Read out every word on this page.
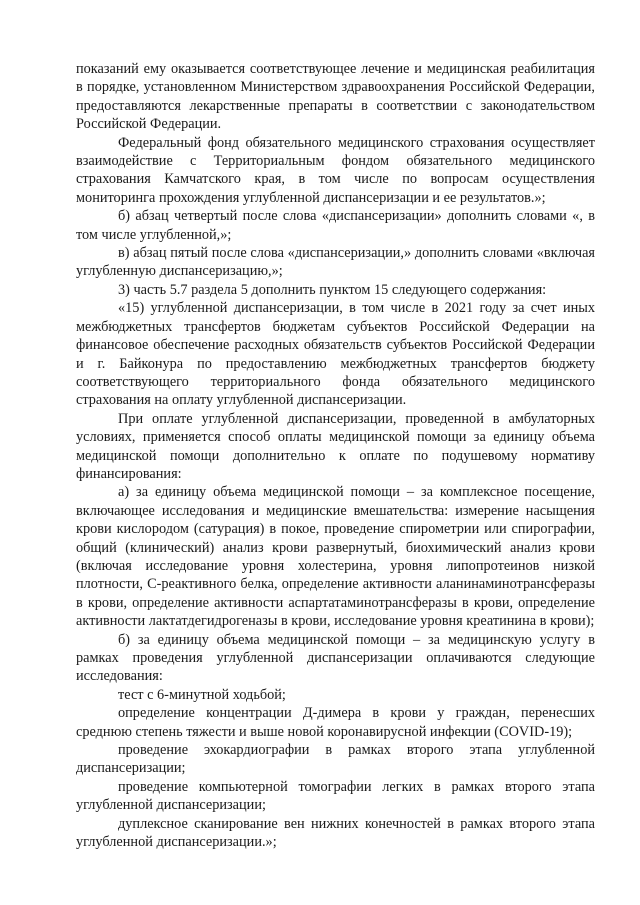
показаний ему оказывается соответствующее лечение и медицинская реабилитация в порядке, установленном Министерством здравоохранения Российской Федерации, предоставляются лекарственные препараты в соответствии с законодательством Российской Федерации.

Федеральный фонд обязательного медицинского страхования осуществляет взаимодействие с Территориальным фондом обязательного медицинского страхования Камчатского края, в том числе по вопросам осуществления мониторинга прохождения углубленной диспансеризации и ее результатов.»;

б) абзац четвертый после слова «диспансеризации» дополнить словами «, в том числе углубленной,»;

в) абзац пятый после слова «диспансеризации,» дополнить словами «включая углубленную диспансеризацию,»;

3) часть 5.7 раздела 5 дополнить пунктом 15 следующего содержания:

«15) углубленной диспансеризации, в том числе в 2021 году за счет иных межбюджетных трансфертов бюджетам субъектов Российской Федерации на финансовое обеспечение расходных обязательств субъектов Российской Федерации и г. Байконура по предоставлению межбюджетных трансфертов бюджету соответствующего территориального фонда обязательного медицинского страхования на оплату углубленной диспансеризации.

При оплате углубленной диспансеризации, проведенной в амбулаторных условиях, применяется способ оплаты медицинской помощи за единицу объема медицинской помощи дополнительно к оплате по подушевому нормативу финансирования:

а) за единицу объема медицинской помощи – за комплексное посещение, включающее исследования и медицинские вмешательства: измерение насыщения крови кислородом (сатурация) в покое, проведение спирометрии или спирографии, общий (клинический) анализ крови развернутый, биохимический анализ крови (включая исследование уровня холестерина, уровня липопротеинов низкой плотности, С-реактивного белка, определение активности аланинаминотрансферазы в крови, определение активности аспартатаминотрансферазы в крови, определение активности лактатдегидрогеназы в крови, исследование уровня креатинина в крови);

б) за единицу объема медицинской помощи – за медицинскую услугу в рамках проведения углубленной диспансеризации оплачиваются следующие исследования:

тест с 6-минутной ходьбой;

определение концентрации Д-димера в крови у граждан, перенесших среднюю степень тяжести и выше новой коронавирусной инфекции (COVID-19);

проведение эхокардиографии в рамках второго этапа углубленной диспансеризации;

проведение компьютерной томографии легких в рамках второго этапа углубленной диспансеризации;

дуплексное сканирование вен нижних конечностей в рамках второго этапа углубленной диспансеризации.»;
